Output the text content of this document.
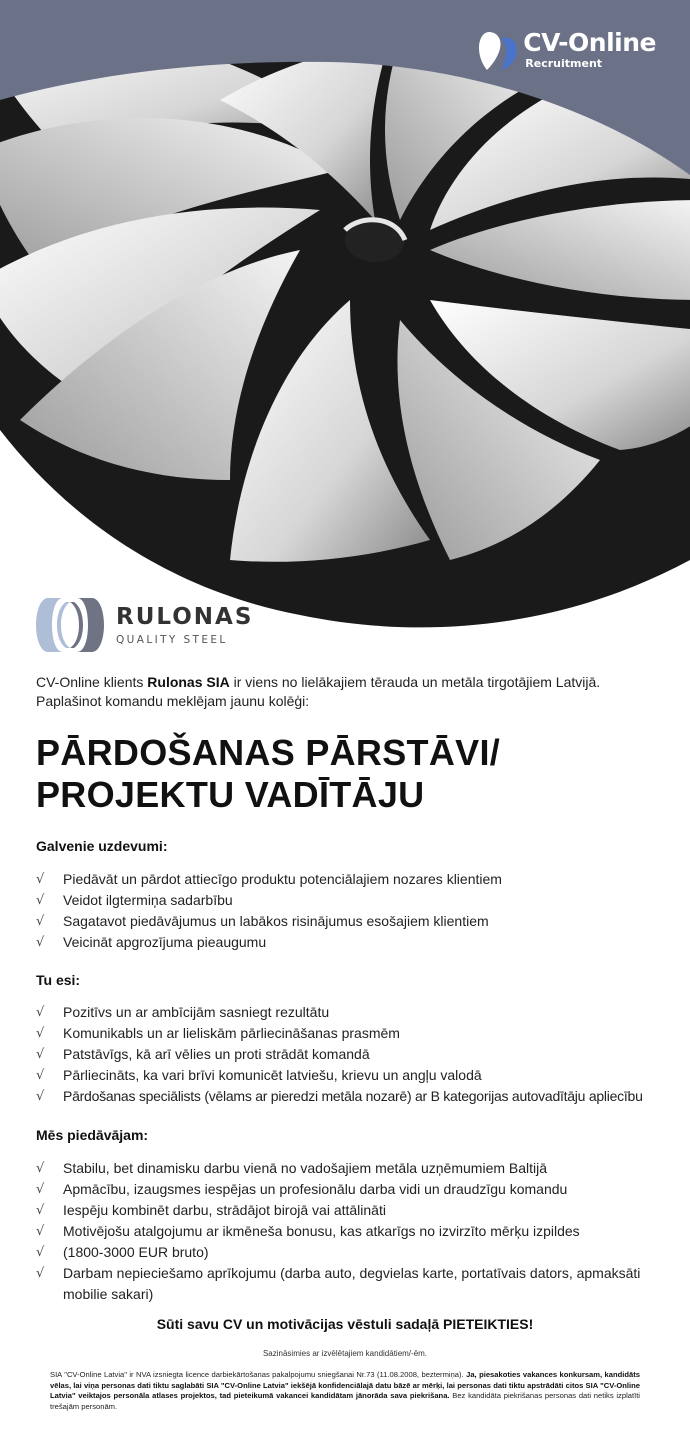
CV-Online
Recruitment
RULONAS
QUALITY STEEL
CV-Online klients Rulonas SIA ir viens no lielākajiem tērauda un metāla tirgotājiem Latvijā.
Paplašinot komandu meklējam jaunu kolēģi:
PĀRDOŠANAS PĀRSTĀVI/
PROJEKTU VADĪTĀJU
Galvenie uzdevumi:
√ Piedāvāt un pārdot attiecīgo produktu potenciālajiem nozares klientiem
√ Veidot ilgtermiņa sadarbību
√ Sagatavot piedāvājumus un labākos risinājumus esošajiem klientiem
√ Veicināt apgrozījuma pieaugumu
Tu esi:
√ Pozitīvs un ar ambīcijām sasniegt rezultātu
√ Komunikabls un ar lieliskām pārliecināšanas prasmēm
√ Patstāvīgs, kā arī vēlies un proti strādāt komandā
√ Pārliecināts, ka vari brīvi komunicēt latviešu, krievu un angļu valodā
√ Pārdošanas speciālists (vēlams ar pieredzi metāla nozarē) ar B kategorijas autovadītāju apliecību
Mēs piedāvājam:
√ Stabilu, bet dinamisku darbu vienā no vadošajiem metāla uzņēmumiem Baltijā
√ Apmācību, izaugsmes iespējas un profesionālu darba vidi un draudzīgu komandu
√ Iespēju kombinēt darbu, strādājot birojā vai attālināti
√ Motivējošu atalgojumu ar ikmēneša bonusu, kas atkarīgs no izvirzīto mērķu izpildes
√ (1800-3000 EUR bruto)
√ Darbam nepieciešamo aprīkojumu (darba auto, degvielas karte, portatīvais dators, apmaksāti mobilie sakari)
Sūti savu CV un motivācijas vēstuli sadaļā PIETEIKTIES!
Sazināsimies ar izvēlētajiem kandidātiem/-ēm.
SIA "CV-Online Latvia" ir NVA izsniegta licence darbiekārtošanas pakalpojumu sniegšanai Nr.73 (11.08.2008, beztermiņa). Ja, piesakoties vakances konkursam, kandidāts vēlas, lai viņa personas dati tiktu saglabāti SIA "CV-Online Latvia" iekšējā konfidenciālajā datu bāzē ar mērķi, lai personas dati tiktu apstrādāti citos SIA "CV-Online Latvia" veiktajos personāla atlases projektos, tad pieteikumā vakancei kandidātam jānorāda sava piekrišana. Bez kandidāta piekrišanas personas dati netiks izplatīti trešajām personām.
